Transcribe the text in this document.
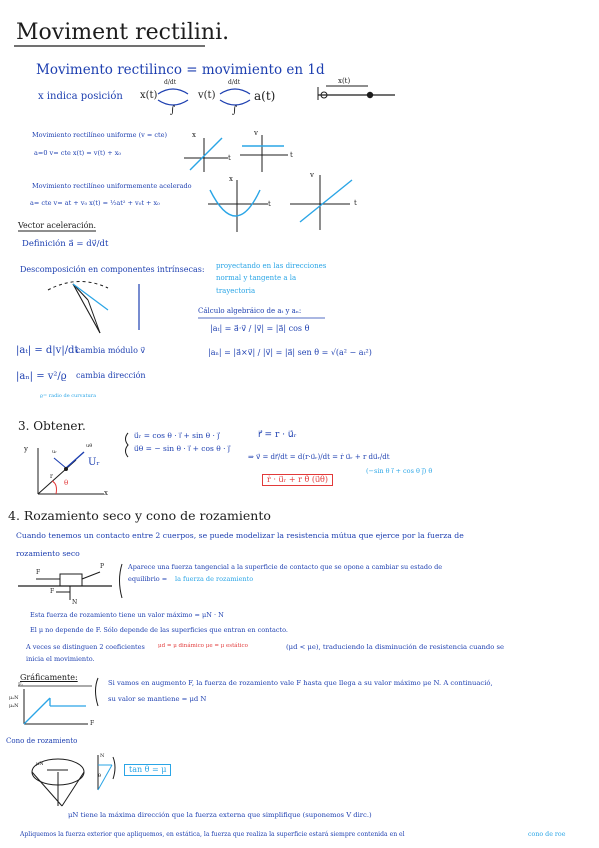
Moviment rectilini.
Movimento rectilinco = movimiento en 1d
x indica posición x(t)	v(t)	a(t)
d/dt	d/dt
∫	∫
x(t)
Movimiento rectilíneo uniforme (v = cte)
a=0 v= cte x(t) = v(t) + x₀
Movimiento rectilíneo uniformemente acelerado
a= cte v= at + v₀ x(t) = ½at² + v₀t + x₀
x
t
v
t
x
t
v
t
Vector aceleración.
Definición a⃗ = dv⃗/dt
Descomposición en componentes intrínsecas: proyectando en las direcciones
normal y tangente a la
trayectoria
Cálculo algebráico de aₜ y aₙ:
|aₜ| = a⃗·v⃗ / |v⃗| = |a⃗| cos θ
|aₙ| = |a⃗×v⃗| / |v⃗| = |a⃗| sen θ = √(a² − aₜ²)
|aₜ| = d|v|/dt
cambia módulo v⃗
|aₙ| = v²/ϱ cambia dirección
ϱ= radio de curvatura
3. Obtener.
u⃗ᵣ = cos θ · i⃗ + sin θ · j⃗
u⃗θ = − sin θ · i⃗ + cos θ · j⃗
r⃗ = r · u⃗ᵣ
⇒ v⃗ = dr⃗/dt = d(r·u⃗ᵣ)/dt = ṙ u⃗ᵣ + r du⃗ᵣ/dt
ṙ · u⃗ᵣ + r θ̇ (u⃗θ)
(−sin θ i⃗ + cos θ j⃗) θ̇
y	uᵣ
uθ
Uᵣ
r
θ
x
4. Rozamiento seco y cono de rozamiento
Cuando tenemos un contacto entre 2 cuerpos, se puede modelizar la resistencia mútua que ejerce por la fuerza de
rozamiento seco
F
P
F
N
Aparece una fuerza tangencial a la superficie de contacto que se opone a cambiar su estado de
equilibrio = la fuerza de rozamiento
Esta fuerza de rozamiento tiene un valor máximo = μN · N
El μ no depende de F. Sólo depende de las superficies que entran en contacto.
A veces se distinguen 2 coeficientes μd = μ dinámico μe = μ estático	(μd < μe), traduciendo la disminución de resistencia cuando se
inicia el movimiento.
Gráficamente:
Fᵣ
μₑN
μₐN
F
Si vamos en augmento F, la fuerza de rozamiento vale F hasta que llega a su valor máximo μe N. A continuació,
su valor se mantiene = μd N
Cono de rozamiento
μN
N
θ
tan θ = μ
μN tiene la máxima dirección que la fuerza externa que simplifique (suponemos V dirc.)
Apliquemos la fuerza exterior que apliquemos, en estática, la fuerza que realiza la superficie estará siempre contenida en el	cono de roe
